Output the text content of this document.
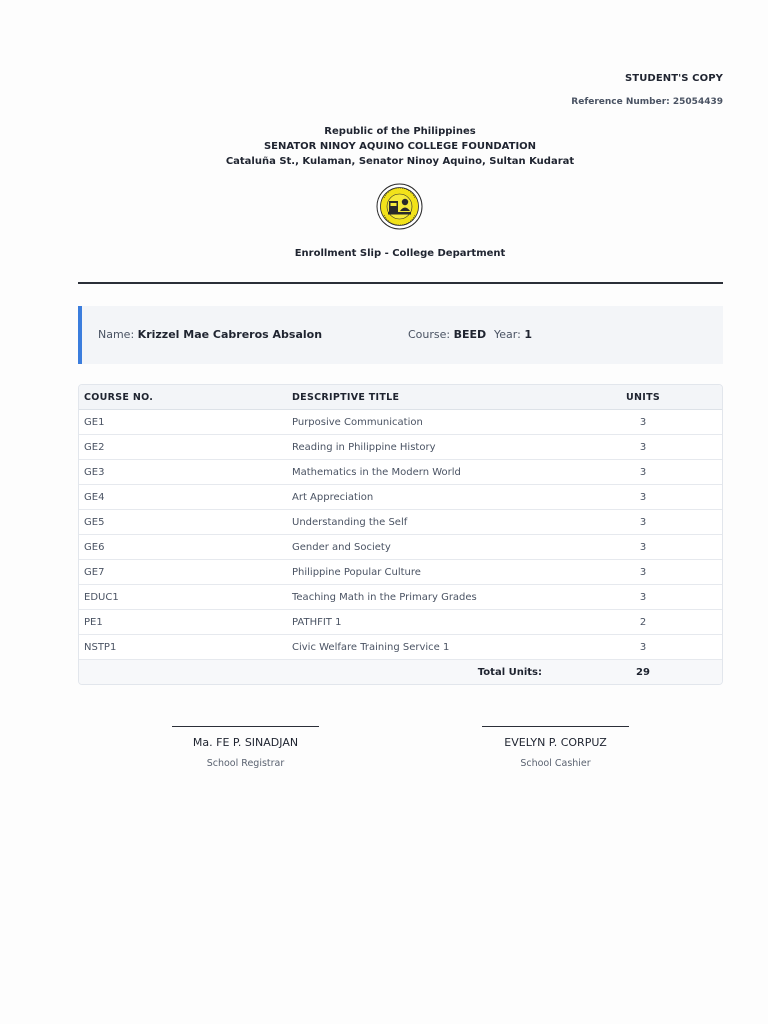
STUDENT'S COPY
Reference Number: 25054439
Republic of the Philippines
SENATOR NINOY AQUINO COLLEGE FOUNDATION
Cataluña St., Kulaman, Senator Ninoy Aquino, Sultan Kudarat
Enrollment Slip - College Department
Name: Krizzel Mae Cabreros Absalon	Course: BEED Year: 1
COURSE NO.	DESCRIPTIVE TITLE	UNITS
GE1	Purposive Communication	3
GE2	Reading in Philippine History	3
GE3	Mathematics in the Modern World	3
GE4	Art Appreciation	3
GE5	Understanding the Self	3
GE6	Gender and Society	3
GE7	Philippine Popular Culture	3
EDUC1	Teaching Math in the Primary Grades	3
PE1	PATHFIT 1	2
NSTP1	Civic Welfare Training Service 1	3
	Total Units:	29
Ma. FE P. SINADJAN
School Registrar
EVELYN P. CORPUZ
School Cashier
